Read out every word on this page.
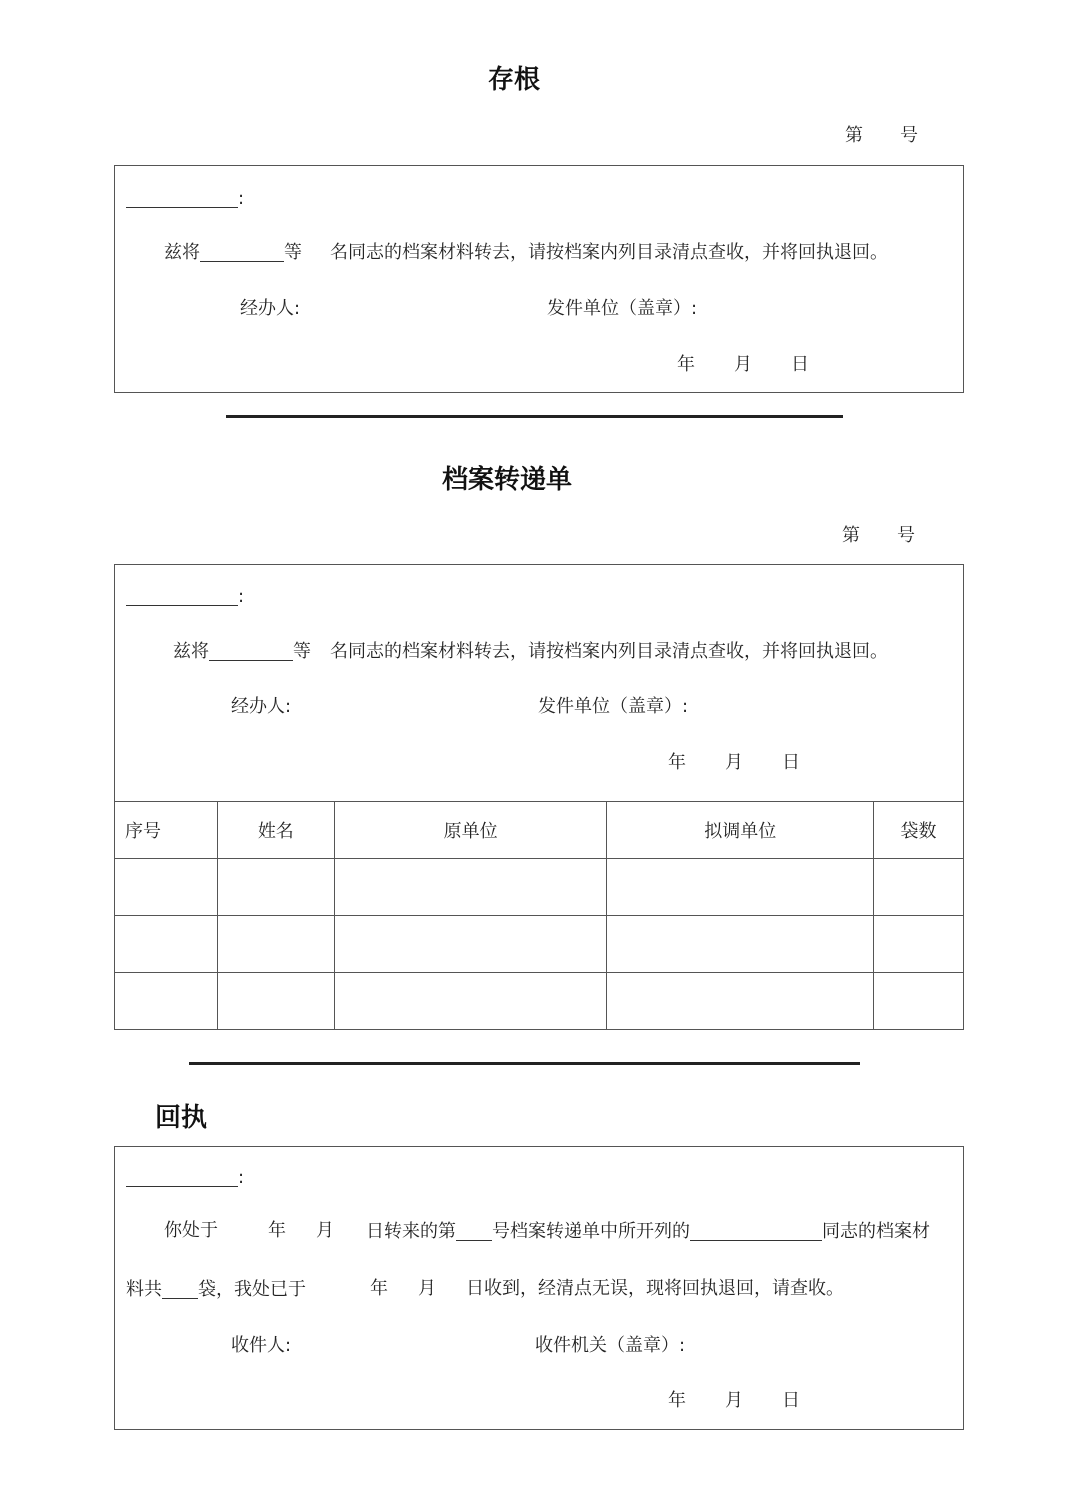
存根
第 号
:
兹将	等 名同志的档案材料转去，请按档案内列目录清点查收，并将回执退回。
经办人:	发件单位（盖章）:
年 月 日
档案转递单
第 号
:
兹将	等 名同志的档案材料转去，请按档案内列目录清点查收，并将回执退回。
经办人:	发件单位（盖章）:
年 月 日
序号	姓名	原单位	拟调单位	袋数

回执
:
你处于	年 月 日转来的第 号档案转递单中所开列的	同志的档案材
料共 袋，我处已于	年 月 日收到，经清点无误，现将回执退回，请查收。
收件人:	收件机关（盖章）:
年 月 日
